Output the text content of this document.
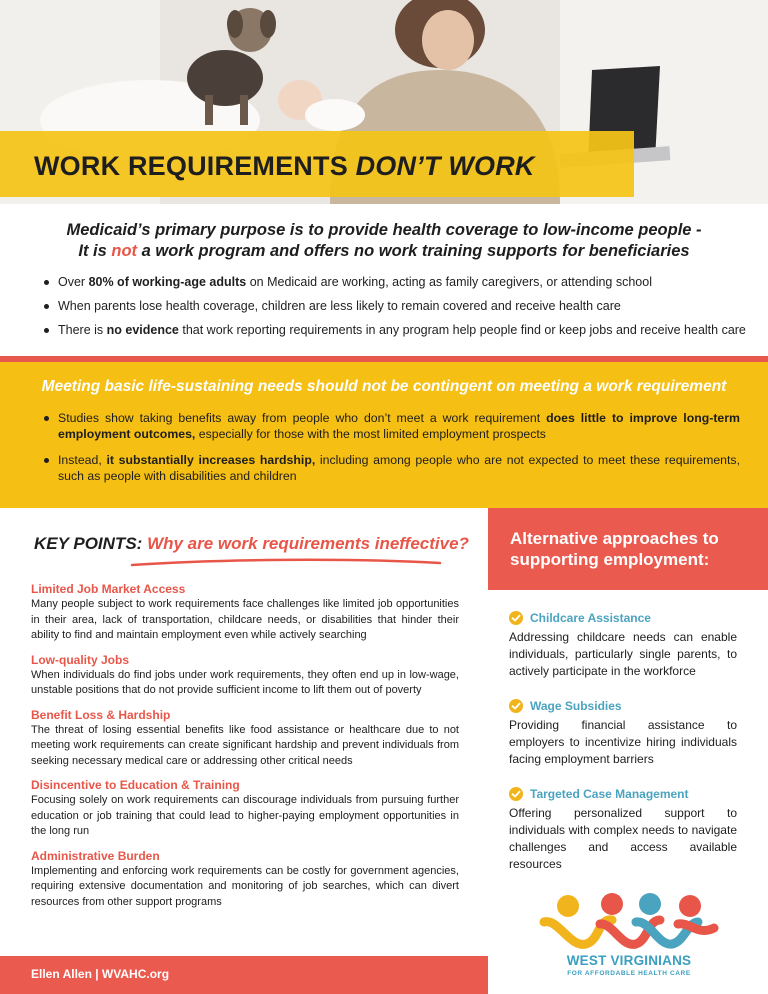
WORK REQUIREMENTS DON’T WORK
Medicaid’s primary purpose is to provide health coverage to low-income people -
It is not a work program and offers no work training supports for beneficiaries
Over 80% of working-age adults on Medicaid are working, acting as family caregivers, or attending school
When parents lose health coverage, children are less likely to remain covered and receive health care
There is no evidence that work reporting requirements in any program help people find or keep jobs and receive health care
Meeting basic life-sustaining needs should not be contingent on meeting a work requirement
Studies show taking benefits away from people who don’t meet a work requirement does little to improve long-term employment outcomes, especially for those with the most limited employment prospects
Instead, it substantially increases hardship, including among people who are not expected to meet these requirements, such as people with disabilities and children
KEY POINTS: Why are work requirements ineffective?
Limited Job Market Access
Many people subject to work requirements face challenges like limited job opportunities in their area, lack of transportation, childcare needs, or disabilities that hinder their ability to find and maintain employment even while actively searching
Low-quality Jobs
When individuals do find jobs under work requirements, they often end up in low-wage, unstable positions that do not provide sufficient income to lift them out of poverty
Benefit Loss & Hardship
The threat of losing essential benefits like food assistance or healthcare due to not meeting work requirements can create significant hardship and prevent individuals from seeking necessary medical care or addressing other critical needs
Disincentive to Education & Training
Focusing solely on work requirements can discourage individuals from pursuing further education or job training that could lead to higher-paying employment opportunities in the long run
Administrative Burden
Implementing and enforcing work requirements can be costly for government agencies, requiring extensive documentation and monitoring of job searches, which can divert resources from other support programs
Alternative approaches to supporting employment:
Childcare Assistance
Addressing childcare needs can enable individuals, particularly single parents, to actively participate in the workforce
Wage Subsidies
Providing financial assistance to employers to incentivize hiring individuals facing employment barriers
Targeted Case Management
Offering personalized support to individuals with complex needs to navigate challenges and access available resources
WEST VIRGINIANS
FOR AFFORDABLE HEALTH CARE
Ellen Allen | WVAHC.org
